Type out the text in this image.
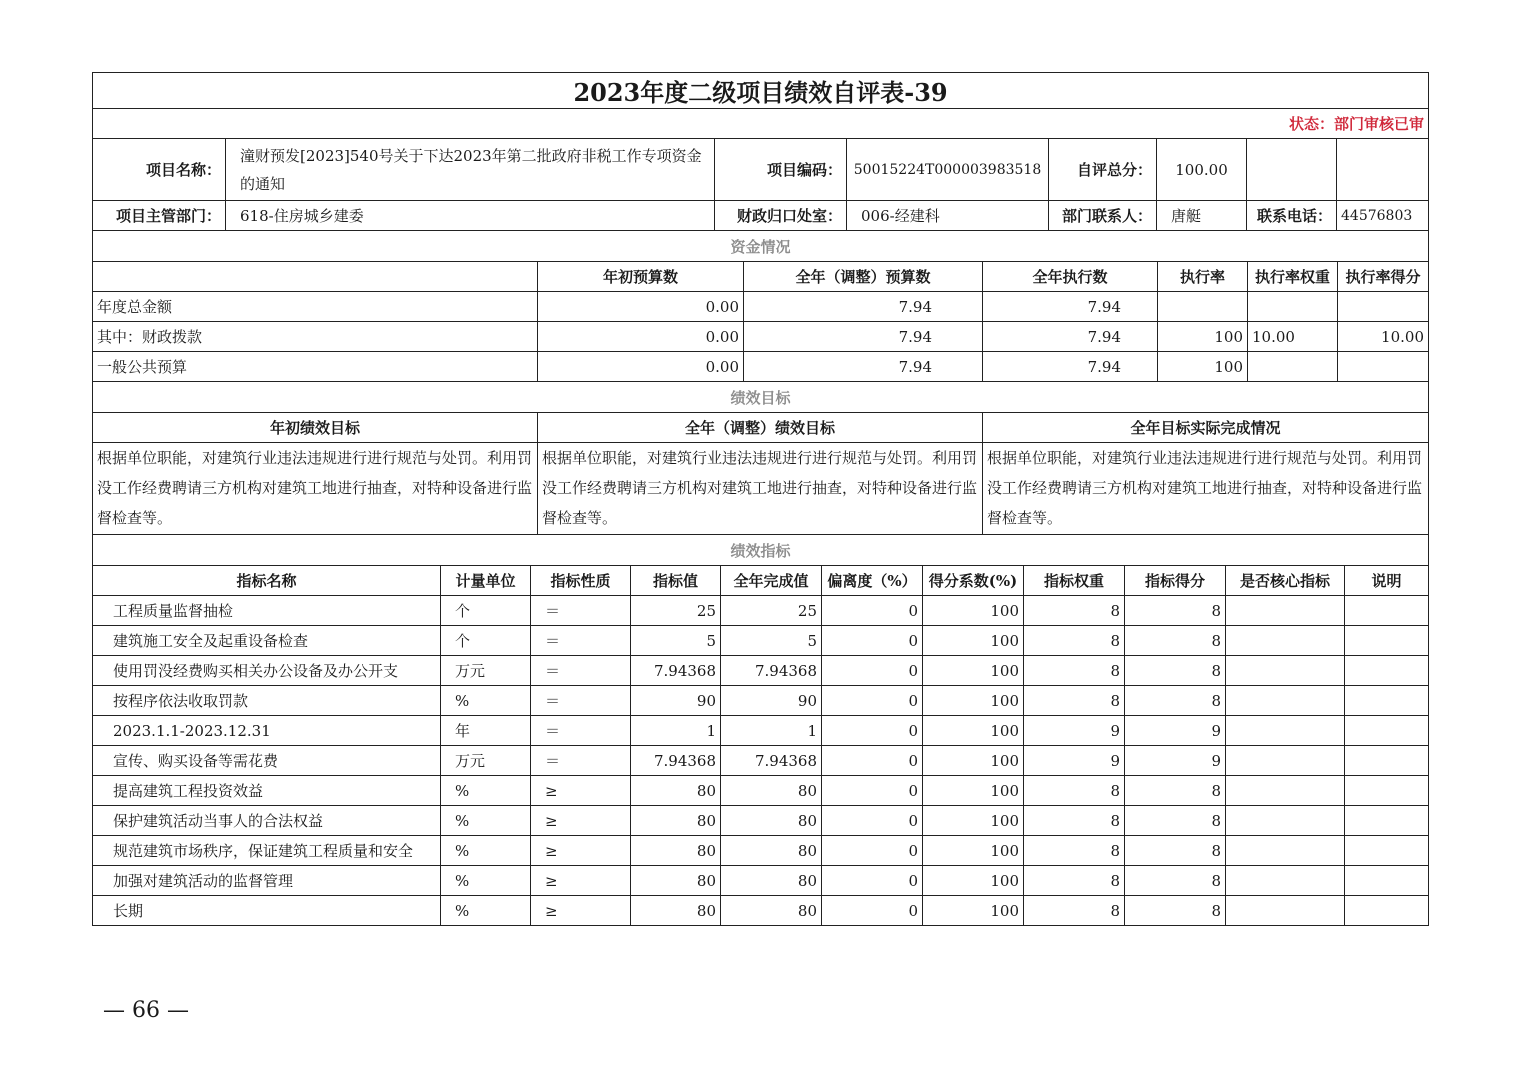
2023年度二级项目绩效自评表-39							
状态：部门审核已审							
项目名称：	潼财预发[2023]540号关于下达2023年第二批政府非税工作专项资金的通知	项目编码：	50015224T000003983518	自评总分：	100.00		
项目主管部门：	618-住房城乡建委	财政归口处室：	006-经建科	部门联系人：	唐艇	联系电话：	44576803
资金情况						
	年初预算数	全年（调整）预算数	全年执行数	执行率	执行率权重	执行率得分
年度总金额	0.00	7.94	7.94			
其中：财政拨款	0.00	7.94	7.94	100	10.00	10.00
一般公共预算	0.00	7.94	7.94	100		
绩效目标		
年初绩效目标	全年（调整）绩效目标	全年目标实际完成情况
根据单位职能，对建筑行业违法违规进行进行规范与处罚。利用罚没工作经费聘请三方机构对建筑工地进行抽查，对特种设备进行监督检查等。	根据单位职能，对建筑行业违法违规进行进行规范与处罚。利用罚没工作经费聘请三方机构对建筑工地进行抽查，对特种设备进行监督检查等。	根据单位职能，对建筑行业违法违规进行进行规范与处罚。利用罚没工作经费聘请三方机构对建筑工地进行抽查，对特种设备进行监督检查等。
绩效指标										
指标名称	计量单位	指标性质	指标值	全年完成值	偏离度（%）	得分系数(%)	指标权重	指标得分	是否核心指标	说明
工程质量监督抽检	个	＝	25	25	0	100	8	8		
建筑施工安全及起重设备检查	个	＝	5	5	0	100	8	8		
使用罚没经费购买相关办公设备及办公开支	万元	＝	7.94368	7.94368	0	100	8	8		
按程序依法收取罚款	%	＝	90	90	0	100	8	8		
2023.1.1-2023.12.31	年	＝	1	1	0	100	9	9		
宣传、购买设备等需花费	万元	＝	7.94368	7.94368	0	100	9	9		
提高建筑工程投资效益	%	≥	80	80	0	100	8	8		
保护建筑活动当事人的合法权益	%	≥	80	80	0	100	8	8		
规范建筑市场秩序，保证建筑工程质量和安全	%	≥	80	80	0	100	8	8		
加强对建筑活动的监督管理	%	≥	80	80	0	100	8	8		
长期	%	≥	80	80	0	100	8	8		
— 66 —
